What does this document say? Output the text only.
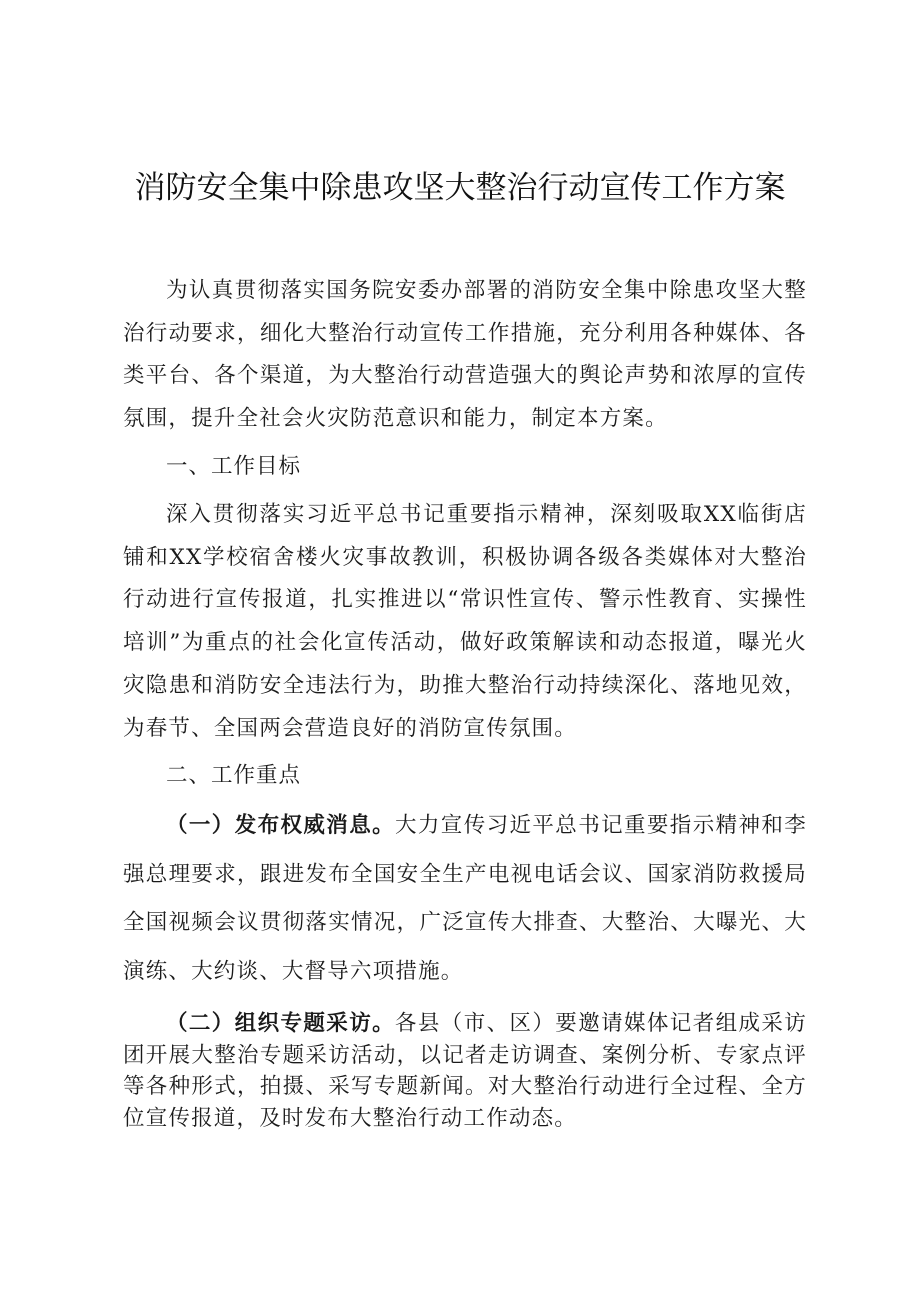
消防安全集中除患攻坚大整治行动宣传工作方案

为认真贯彻落实国务院安委办部署的消防安全集中除患攻坚大整治行动要求，细化大整治行动宣传工作措施，充分利用各种媒体、各类平台、各个渠道，为大整治行动营造强大的舆论声势和浓厚的宣传氛围，提升全社会火灾防范意识和能力，制定本方案。

一、工作目标

深入贯彻落实习近平总书记重要指示精神，深刻吸取XX临街店铺和XX学校宿舍楼火灾事故教训，积极协调各级各类媒体对大整治行动进行宣传报道，扎实推进以“常识性宣传、警示性教育、实操性培训”为重点的社会化宣传活动，做好政策解读和动态报道，曝光火灾隐患和消防安全违法行为，助推大整治行动持续深化、落地见效，为春节、全国两会营造良好的消防宣传氛围。

二、工作重点

（一）发布权威消息。大力宣传习近平总书记重要指示精神和李强总理要求，跟进发布全国安全生产电视电话会议、国家消防救援局全国视频会议贯彻落实情况，广泛宣传大排查、大整治、大曝光、大演练、大约谈、大督导六项措施。

（二）组织专题采访。各县（市、区）要邀请媒体记者组成采访团开展大整治专题采访活动，以记者走访调查、案例分析、专家点评等各种形式，拍摄、采写专题新闻。对大整治行动进行全过程、全方位宣传报道，及时发布大整治行动工作动态。
